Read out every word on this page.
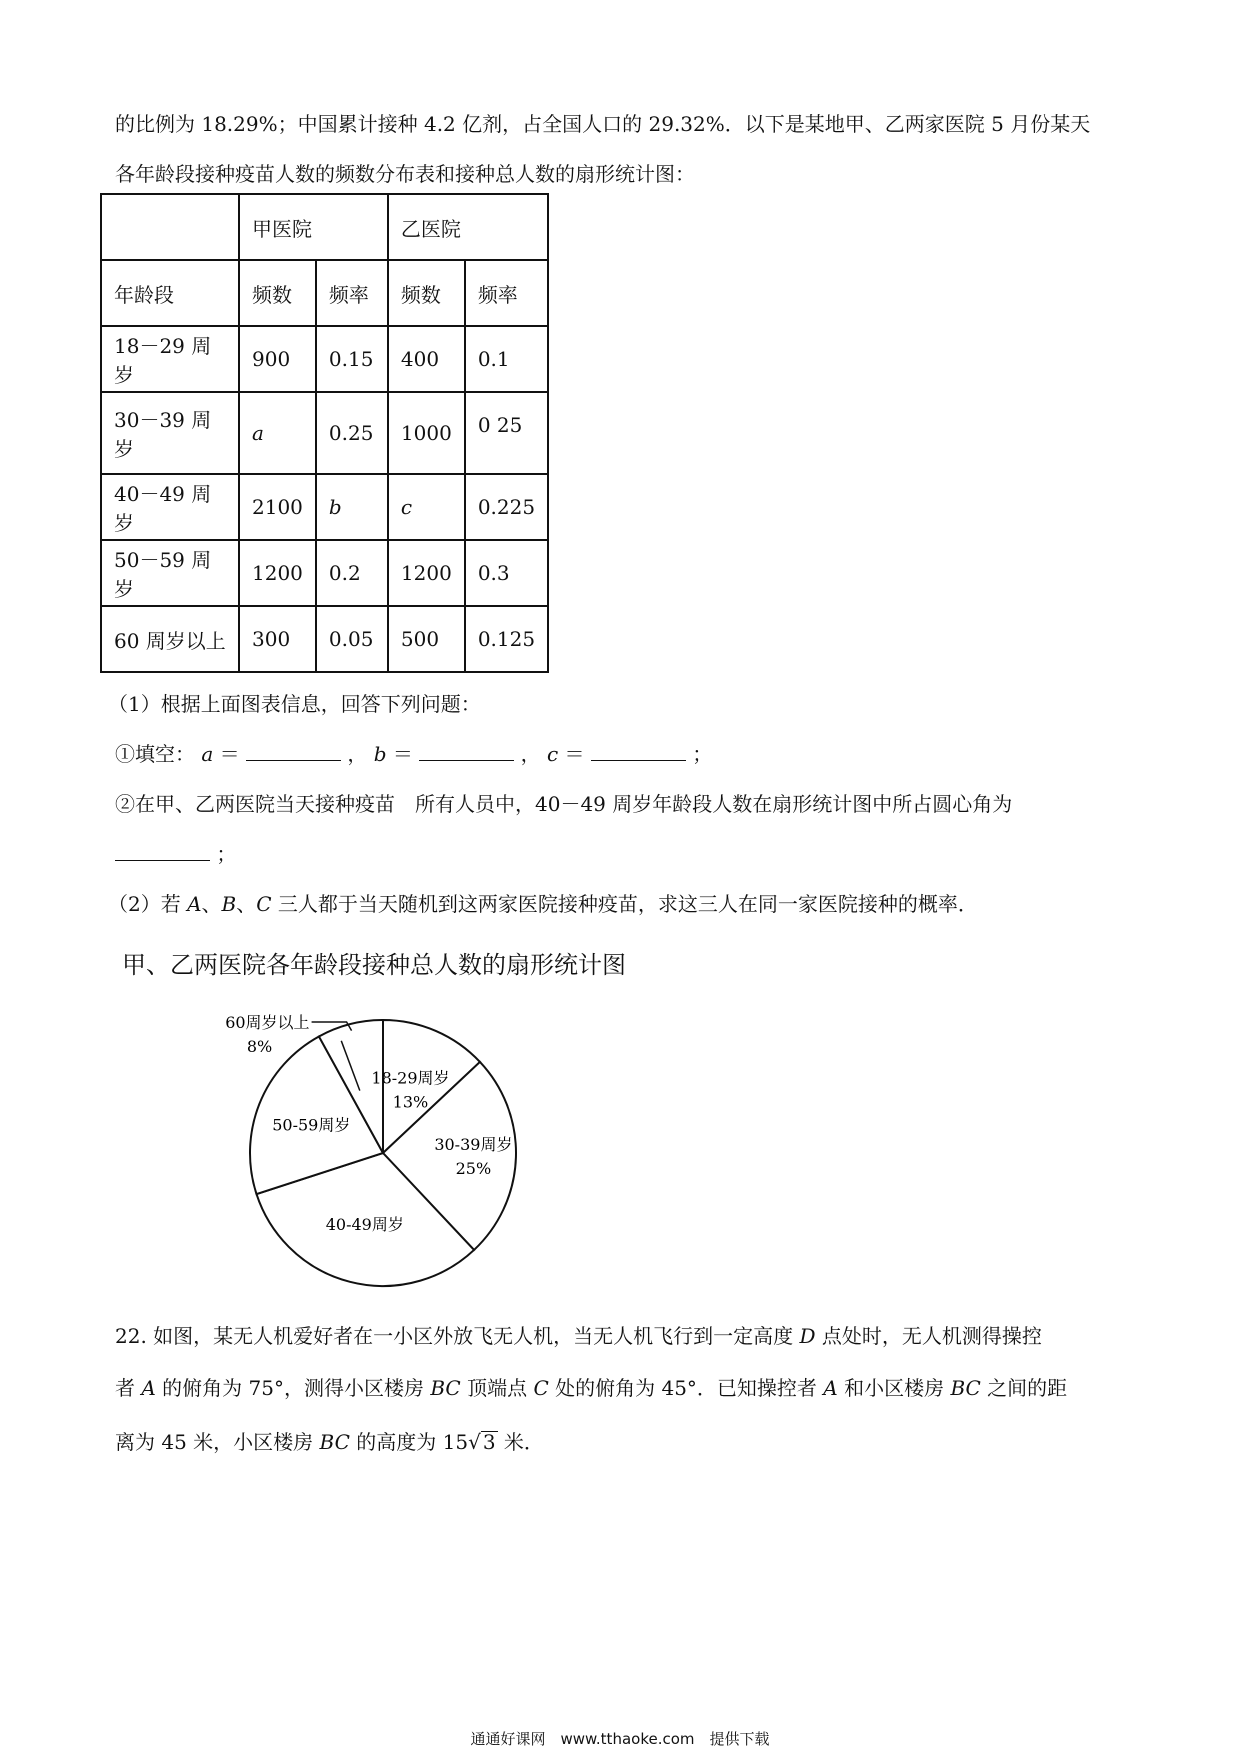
的比例为 18.29%；中国累计接种 4.2 亿剂，占全国人口的 29.32%．以下是某地甲、乙两家医院 5 月份某天
各年龄段接种疫苗人数的频数分布表和接种总人数的扇形统计图：
	甲医院		乙医院	
年龄段	频数	频率	频数	频率
18－29 周岁	900	0.15	400	0.1
30－39 周岁	a	0.25	1000	0 25
40－49 周岁	2100	b	c	0.225
50－59 周岁	1200	0.2	1200	0.3
60 周岁以上	300	0.05	500	0.125
（1）根据上面图表信息，回答下列问题：
①填空： a ＝	， b ＝	， c ＝	；
②在甲、乙两医院当天接种疫苗　所有人员中，40－49 周岁年龄段人数在扇形统计图中所占圆心角为
；
（2）若 A、B、C 三人都于当天随机到这两家医院接种疫苗，求这三人在同一家医院接种的概率．
甲、乙两医院各年龄段接种总人数的扇形统计图
18-29周岁
13%
30-39周岁
25%
40-49周岁
50-59周岁
60周岁以上
8%
22. 如图，某无人机爱好者在一小区外放飞无人机，当无人机飞行到一定高度 D 点处时，无人机测得操控
者 A 的俯角为 75°，测得小区楼房 BC 顶端点 C 处的俯角为 45°．已知操控者 A 和小区楼房 BC 之间的距
离为 45 米，小区楼房 BC 的高度为 15√ 3 米．
通通好课网　www.tthaoke.com　提供下载
